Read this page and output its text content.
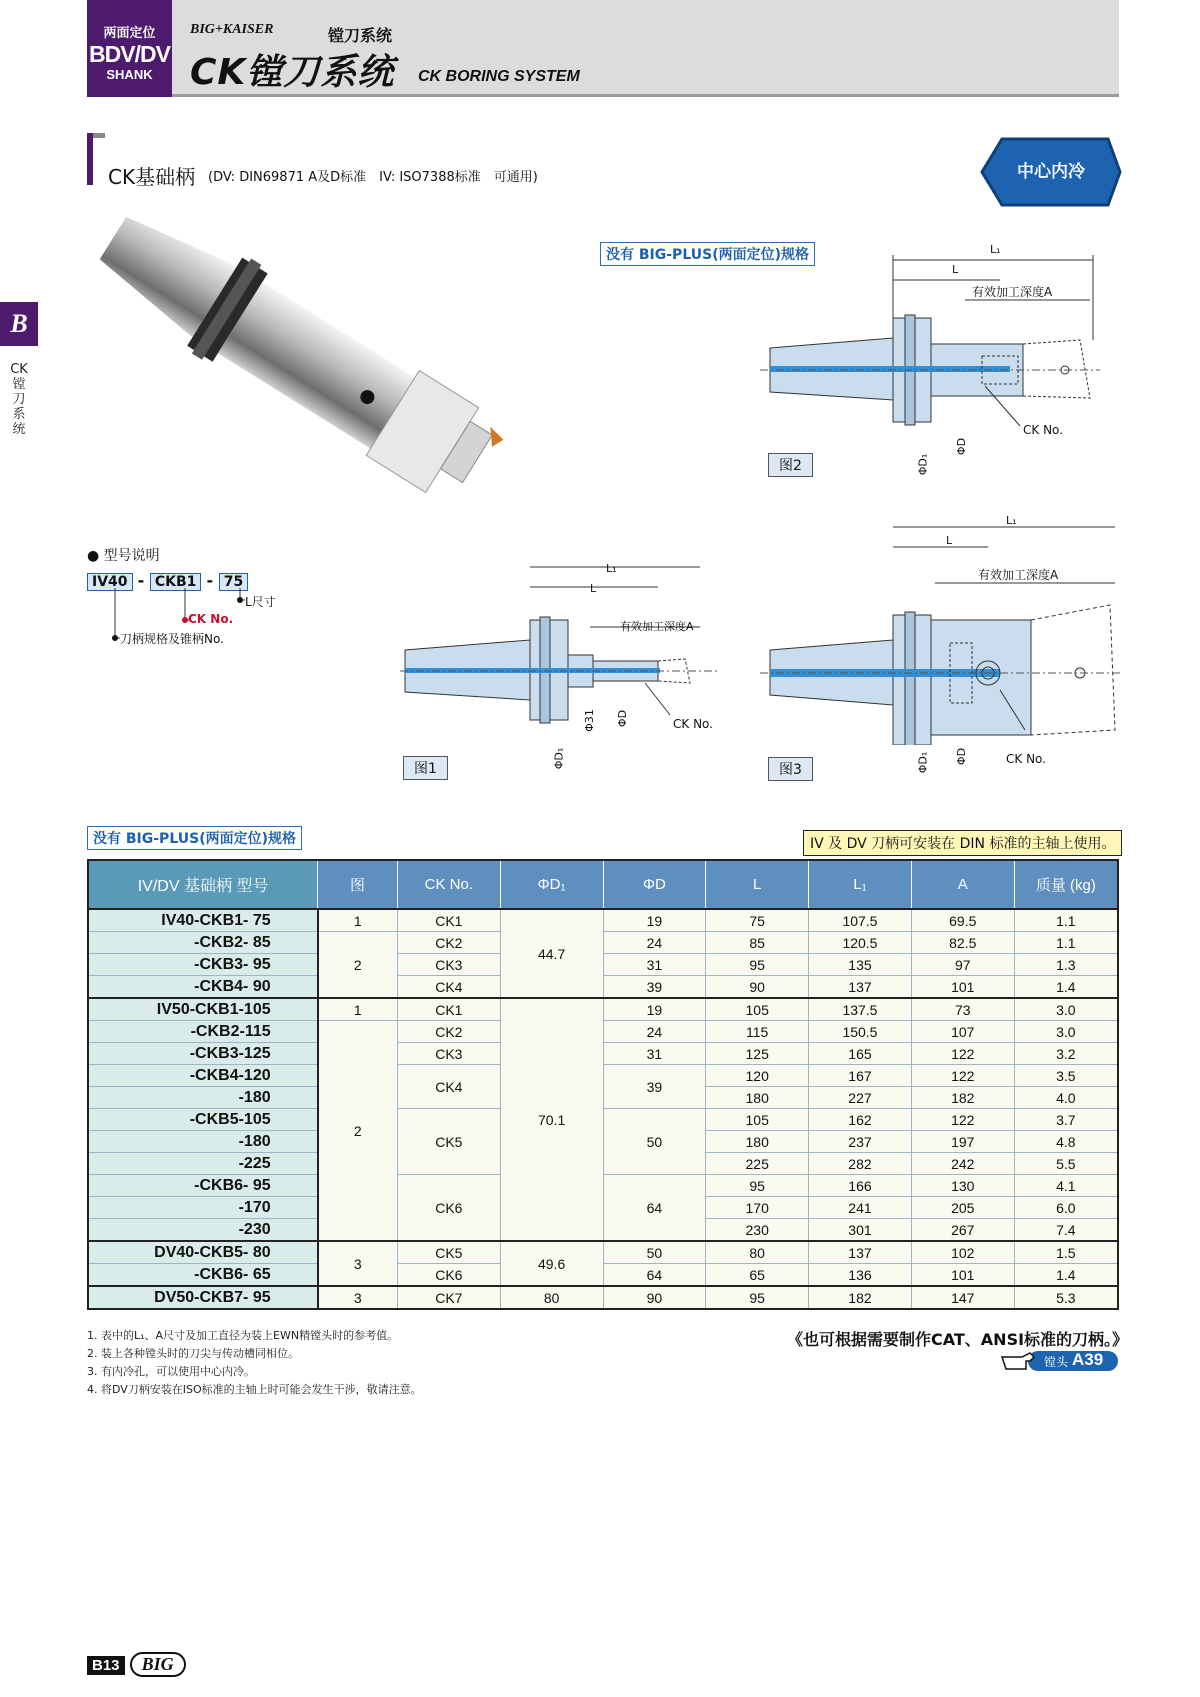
两面定位
BDV/DV
SHANK
BIG+KAISER	镗刀系统
CK镗刀系统 CK BORING SYSTEM
B
CK镗刀系统
CK基础柄 (DV: DIN69871 A及D标准　IV: ISO7388标准　可通用)	中心内冷
没有 BIG-PLUS(两面定位)规格	L₁
L
有效加工深度A
CK No.
ΦD
ΦD₁
图2
● 型号说明
IV40 - CKB1 - 75
L尺寸
CK No.
刀柄规格及锥柄No.
L₁
L
有效加工深度A
CK No.
Φ31 ΦD
ΦD₁
图1
L₁
L
有效加工深度A
CK No.
ΦD
ΦD₁
图3
没有 BIG-PLUS(两面定位)规格	IV 及 DV 刀柄可安装在 DIN 标准的主轴上使用。
IV/DV 基础柄 型号	图	CK No.	ΦD₁	ΦD	L	L₁	A	质量 (kg)
IV40-CKB1- 75	1	CK1	44.7	19	75	107.5	69.5	1.1
-CKB2- 85	2	CK2		24	85	120.5	82.5	1.1
-CKB3- 95		CK3		31	95	135	97	1.3
-CKB4- 90		CK4		39	90	137	101	1.4
IV50-CKB1-105	1	CK1	70.1	19	105	137.5	73	3.0
-CKB2-115	2	CK2		24	115	150.5	107	3.0
-CKB3-125		CK3		31	125	165	122	3.2
-CKB4-120		CK4		39	120	167	122	3.5
-180					180	227	182	4.0
-CKB5-105		CK5		50	105	162	122	3.7
-180					180	237	197	4.8
-225					225	282	242	5.5
-CKB6- 95		CK6		64	95	166	130	4.1
-170					170	241	205	6.0
-230					230	301	267	7.4
DV40-CKB5- 80	3	CK5	49.6	50	80	137	102	1.5
-CKB6- 65		CK6		64	65	136	101	1.4
DV50-CKB7- 95	3	CK7	80	90	95	182	147	5.3
1. 表中的L₁、A尺寸及加工直径为装上EWN精镗头时的参考值。
2. 装上各种镗头时的刀尖与传动槽同相位。
3. 有内冷孔，可以使用中心内冷。
4. 将DV刀柄安装在ISO标准的主轴上时可能会发生干涉，敬请注意。
《也可根据需要制作CAT、ANSI标准的刀柄。》
镗头 A39
B13 BIG
